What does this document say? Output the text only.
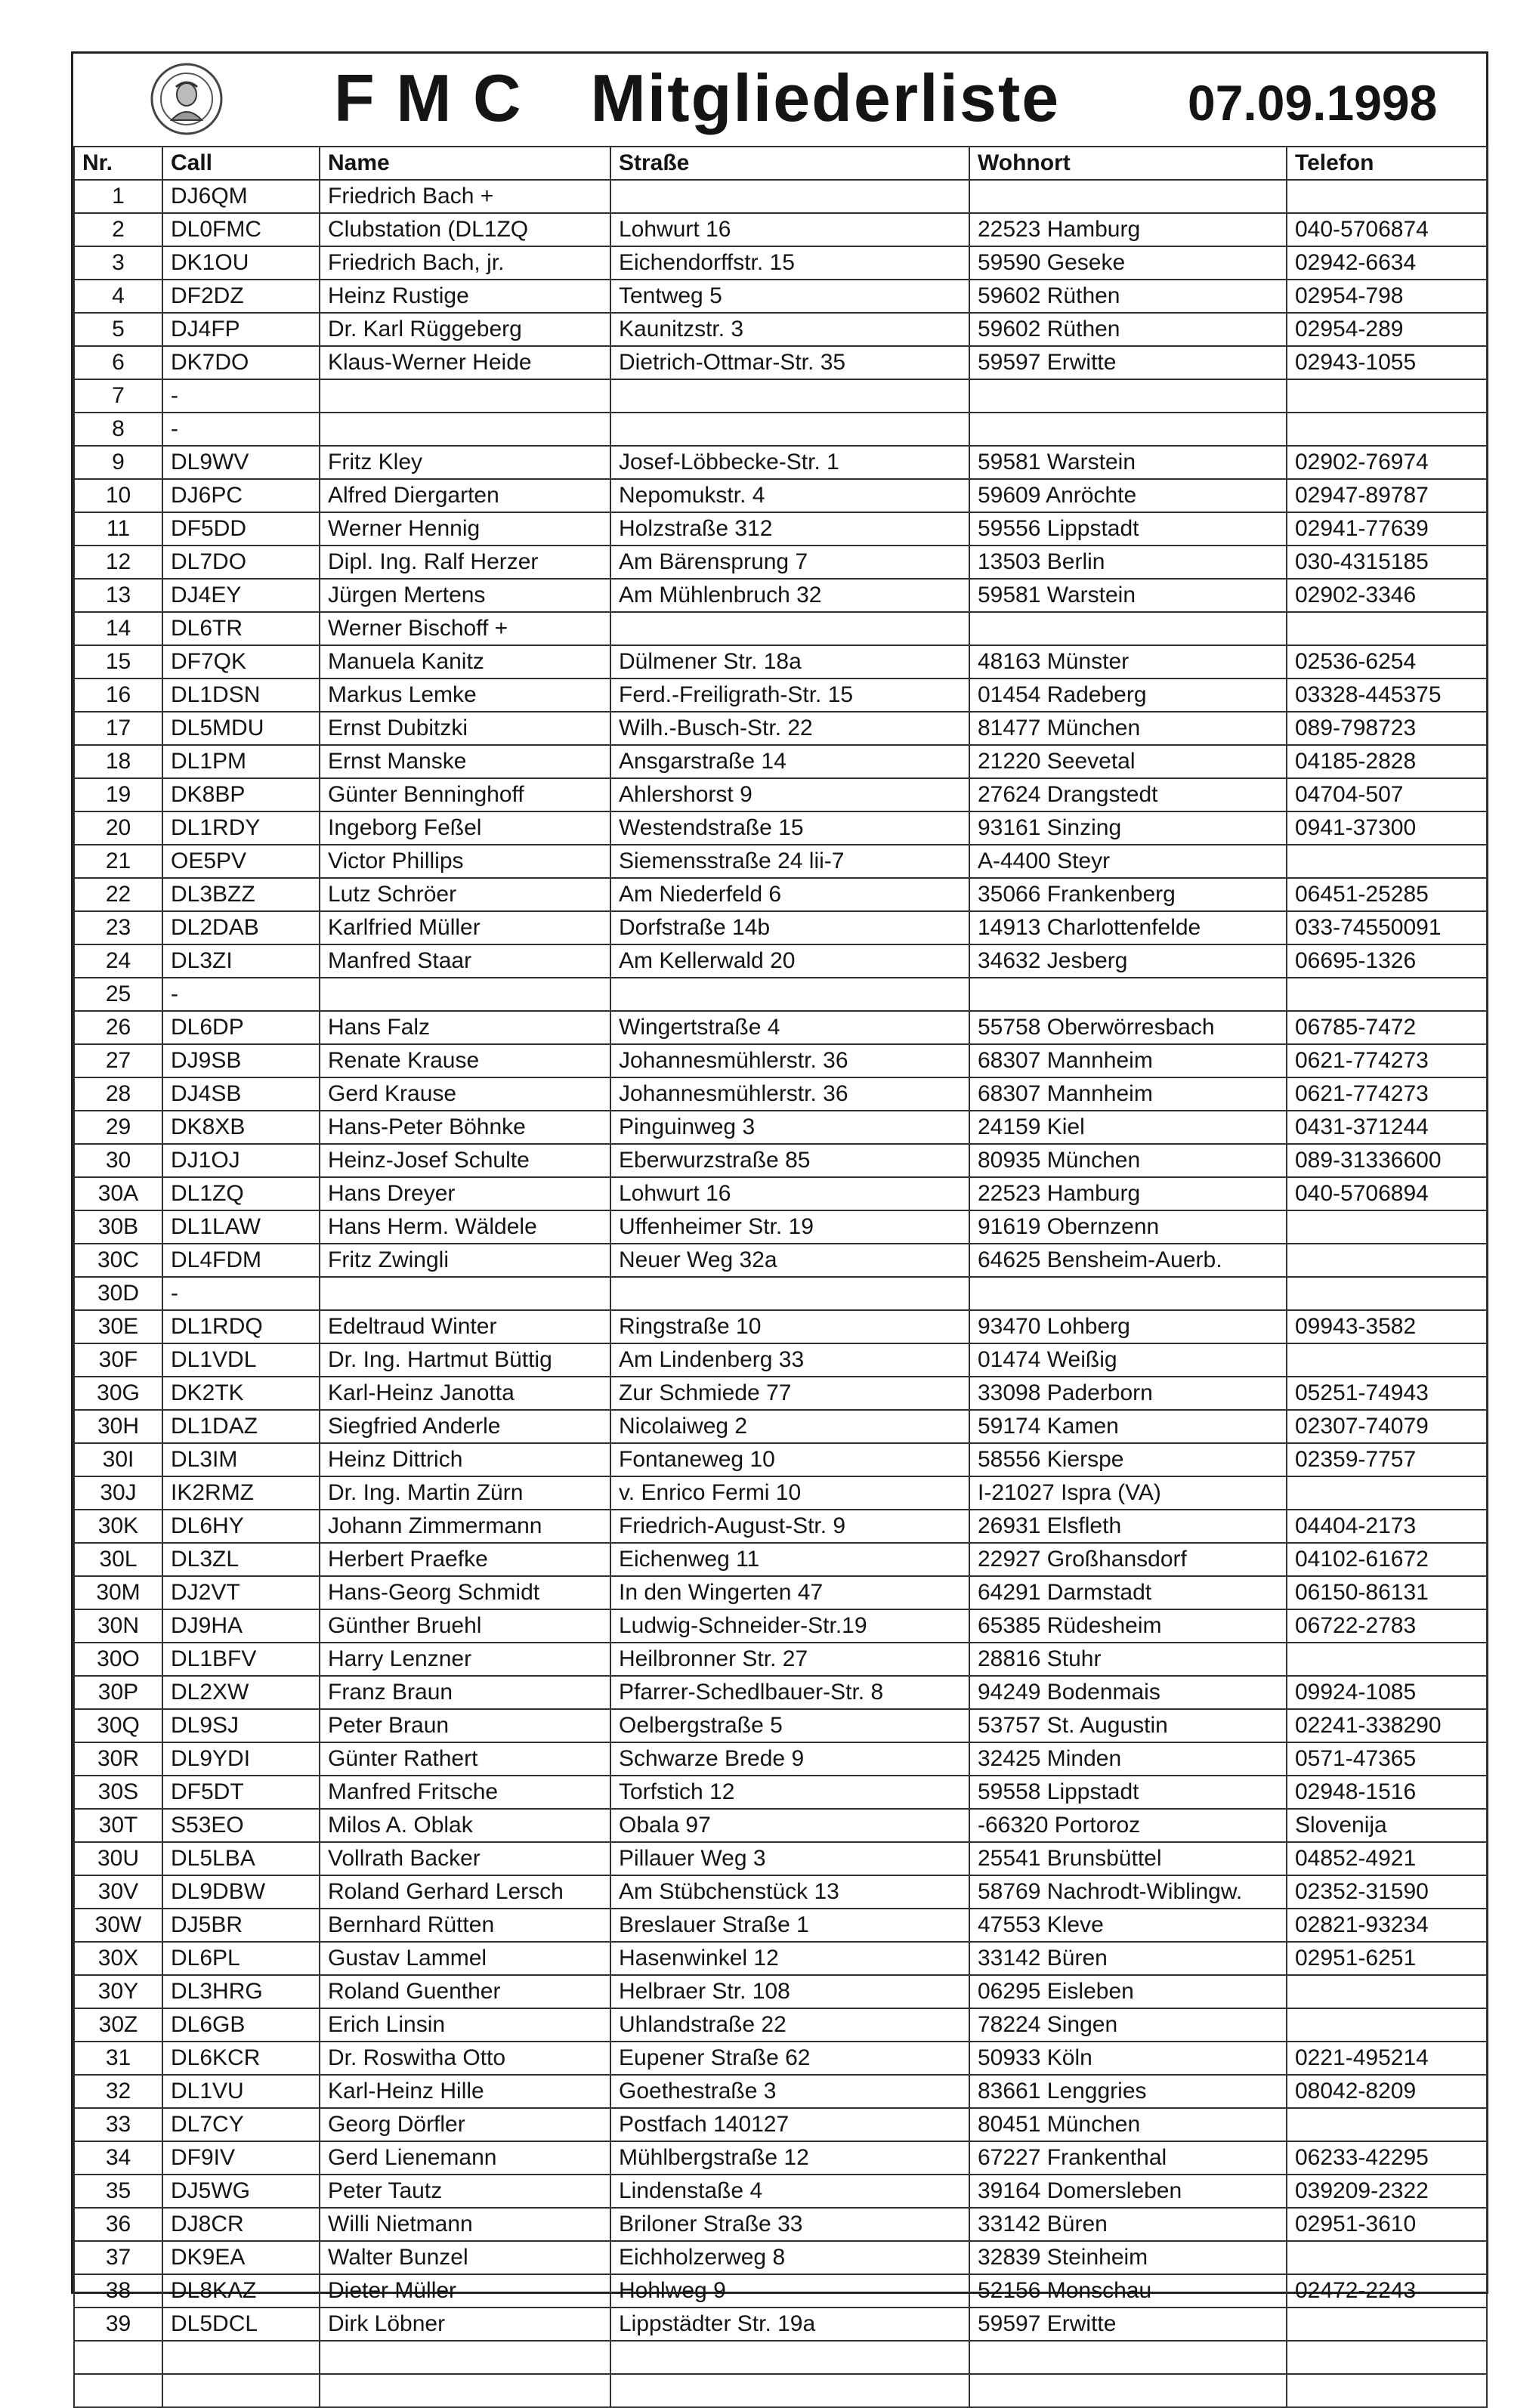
F M C Mitgliederliste	07.09.1998
Nr.	Call	Name	Straße	Wohnort	Telefon
1	DJ6QM	Friedrich Bach +			
2	DL0FMC	Clubstation (DL1ZQ	Lohwurt 16	22523 Hamburg	040-5706874
3	DK1OU	Friedrich Bach, jr.	Eichendorffstr. 15	59590 Geseke	02942-6634
4	DF2DZ	Heinz Rustige	Tentweg 5	59602 Rüthen	02954-798
5	DJ4FP	Dr. Karl Rüggeberg	Kaunitzstr. 3	59602 Rüthen	02954-289
6	DK7DO	Klaus-Werner Heide	Dietrich-Ottmar-Str. 35	59597 Erwitte	02943-1055
7	-				
8	-				
9	DL9WV	Fritz Kley	Josef-Löbbecke-Str. 1	59581 Warstein	02902-76974
10	DJ6PC	Alfred Diergarten	Nepomukstr. 4	59609 Anröchte	02947-89787
11	DF5DD	Werner Hennig	Holzstraße 312	59556 Lippstadt	02941-77639
12	DL7DO	Dipl. Ing. Ralf Herzer	Am Bärensprung 7	13503 Berlin	030-4315185
13	DJ4EY	Jürgen Mertens	Am Mühlenbruch 32	59581 Warstein	02902-3346
14	DL6TR	Werner Bischoff +			
15	DF7QK	Manuela Kanitz	Dülmener Str. 18a	48163 Münster	02536-6254
16	DL1DSN	Markus Lemke	Ferd.-Freiligrath-Str. 15	01454 Radeberg	03328-445375
17	DL5MDU	Ernst Dubitzki	Wilh.-Busch-Str. 22	81477 München	089-798723
18	DL1PM	Ernst Manske	Ansgarstraße 14	21220 Seevetal	04185-2828
19	DK8BP	Günter Benninghoff	Ahlershorst 9	27624 Drangstedt	04704-507
20	DL1RDY	Ingeborg Feßel	Westendstraße 15	93161 Sinzing	0941-37300
21	OE5PV	Victor Phillips	Siemensstraße 24 lii-7	A-4400 Steyr	
22	DL3BZZ	Lutz Schröer	Am Niederfeld 6	35066 Frankenberg	06451-25285
23	DL2DAB	Karlfried Müller	Dorfstraße 14b	14913 Charlottenfelde	033-74550091
24	DL3ZI	Manfred Staar	Am Kellerwald 20	34632 Jesberg	06695-1326
25	-				
26	DL6DP	Hans Falz	Wingertstraße 4	55758 Oberwörresbach	06785-7472
27	DJ9SB	Renate Krause	Johannesmühlerstr. 36	68307 Mannheim	0621-774273
28	DJ4SB	Gerd Krause	Johannesmühlerstr. 36	68307 Mannheim	0621-774273
29	DK8XB	Hans-Peter Böhnke	Pinguinweg 3	24159 Kiel	0431-371244
30	DJ1OJ	Heinz-Josef Schulte	Eberwurzstraße 85	80935 München	089-31336600
30A	DL1ZQ	Hans Dreyer	Lohwurt 16	22523 Hamburg	040-5706894
30B	DL1LAW	Hans Herm. Wäldele	Uffenheimer Str. 19	91619 Obernzenn	
30C	DL4FDM	Fritz Zwingli	Neuer Weg 32a	64625 Bensheim-Auerb.	
30D	-				
30E	DL1RDQ	Edeltraud Winter	Ringstraße 10	93470 Lohberg	09943-3582
30F	DL1VDL	Dr. Ing. Hartmut Büttig	Am Lindenberg 33	01474 Weißig	
30G	DK2TK	Karl-Heinz Janotta	Zur Schmiede 77	33098 Paderborn	05251-74943
30H	DL1DAZ	Siegfried Anderle	Nicolaiweg 2	59174 Kamen	02307-74079
30I	DL3IM	Heinz Dittrich	Fontaneweg 10	58556 Kierspe	02359-7757
30J	IK2RMZ	Dr. Ing. Martin Zürn	v. Enrico Fermi 10	I-21027 Ispra (VA)	
30K	DL6HY	Johann Zimmermann	Friedrich-August-Str. 9	26931 Elsfleth	04404-2173
30L	DL3ZL	Herbert Praefke	Eichenweg 11	22927 Großhansdorf	04102-61672
30M	DJ2VT	Hans-Georg Schmidt	In den Wingerten 47	64291 Darmstadt	06150-86131
30N	DJ9HA	Günther Bruehl	Ludwig-Schneider-Str.19	65385 Rüdesheim	06722-2783
30O	DL1BFV	Harry Lenzner	Heilbronner Str. 27	28816 Stuhr	
30P	DL2XW	Franz Braun	Pfarrer-Schedlbauer-Str. 8	94249 Bodenmais	09924-1085
30Q	DL9SJ	Peter Braun	Oelbergstraße 5	53757 St. Augustin	02241-338290
30R	DL9YDI	Günter Rathert	Schwarze Brede 9	32425 Minden	0571-47365
30S	DF5DT	Manfred Fritsche	Torfstich 12	59558 Lippstadt	02948-1516
30T	S53EO	Milos A. Oblak	Obala 97	-66320 Portoroz	Slovenija
30U	DL5LBA	Vollrath Backer	Pillauer Weg 3	25541 Brunsbüttel	04852-4921
30V	DL9DBW	Roland Gerhard Lersch	Am Stübchenstück 13	58769 Nachrodt-Wiblingw.	02352-31590
30W	DJ5BR	Bernhard Rütten	Breslauer Straße 1	47553 Kleve	02821-93234
30X	DL6PL	Gustav Lammel	Hasenwinkel 12	33142 Büren	02951-6251
30Y	DL3HRG	Roland Guenther	Helbraer Str. 108	06295 Eisleben	
30Z	DL6GB	Erich Linsin	Uhlandstraße 22	78224 Singen	
31	DL6KCR	Dr. Roswitha Otto	Eupener Straße 62	50933 Köln	0221-495214
32	DL1VU	Karl-Heinz Hille	Goethestraße 3	83661 Lenggries	08042-8209
33	DL7CY	Georg Dörfler	Postfach 140127	80451 München	
34	DF9IV	Gerd Lienemann	Mühlbergstraße 12	67227 Frankenthal	06233-42295
35	DJ5WG	Peter Tautz	Lindenstaße 4	39164 Domersleben	039209-2322
36	DJ8CR	Willi Nietmann	Briloner Straße 33	33142 Büren	02951-3610
37	DK9EA	Walter Bunzel	Eichholzerweg 8	32839 Steinheim	
38	DL8KAZ	Dieter Müller	Hohlweg 9	52156 Monschau	02472-2243
39	DL5DCL	Dirk Löbner	Lippstädter Str. 19a	59597 Erwitte	
